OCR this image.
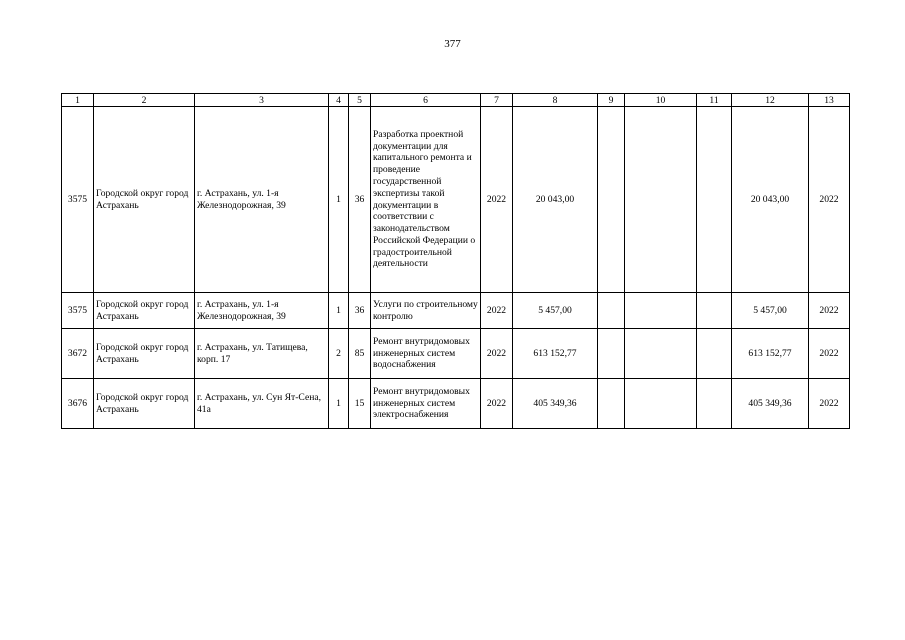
377
1	2	3	4	5	6	7	8	9	10	11	12	13
3575	Городской округ город Астрахань	г. Астрахань, ул. 1-я Железнодорожная, 39	1	36	Разработка проектной документации для капитального ремонта и проведение государственной экспертизы такой документации в соответствии с законодательством Российской Федерации о градостроительной деятельности	2022	20 043,00				20 043,00	2022
3575	Городской округ город Астрахань	г. Астрахань, ул. 1-я Железнодорожная, 39	1	36	Услуги по строительному контролю	2022	5 457,00				5 457,00	2022
3672	Городской округ город Астрахань	г. Астрахань, ул. Татищева, корп. 17	2	85	Ремонт внутридомовых инженерных систем водоснабжения	2022	613 152,77				613 152,77	2022
3676	Городской округ город Астрахань	г. Астрахань, ул. Сун Ят-Сена, 41а	1	15	Ремонт внутридомовых инженерных систем электроснабжения	2022	405 349,36				405 349,36	2022
